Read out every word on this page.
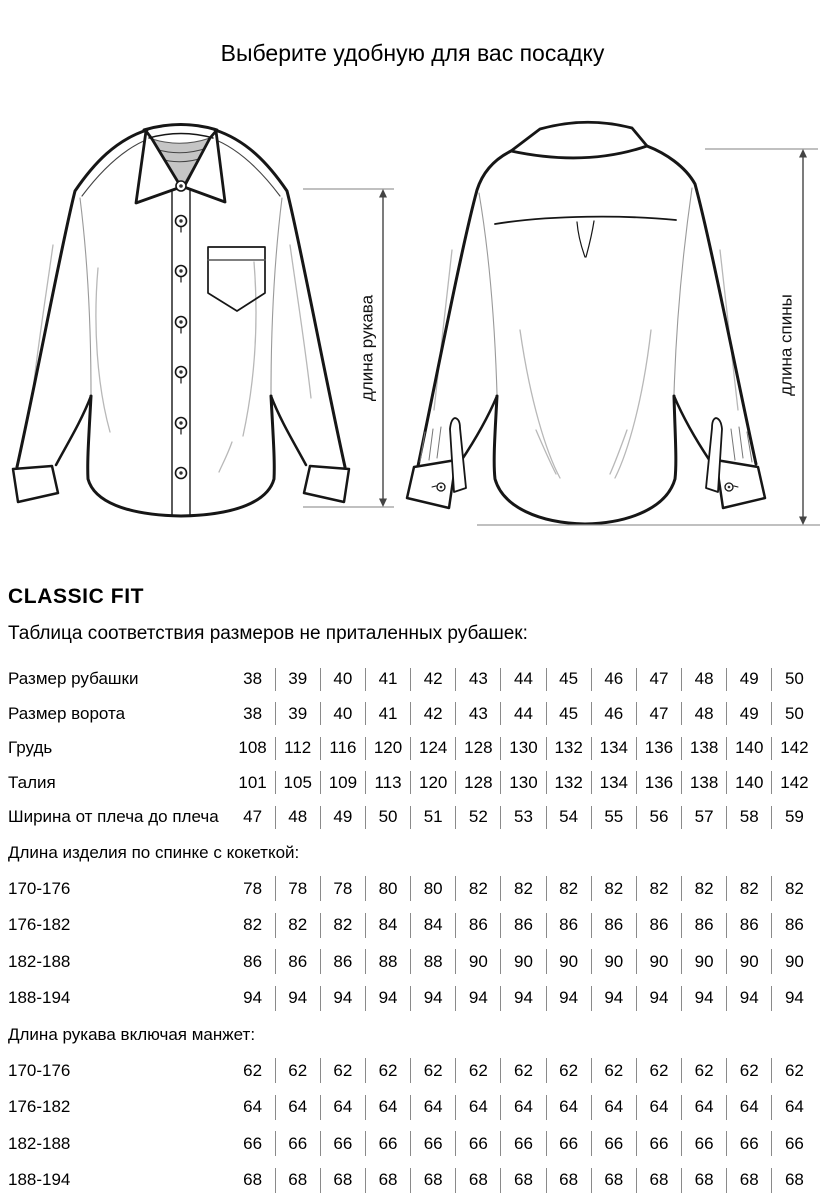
длина рукава	длина спины
Выберите удобную для вас посадку
CLASSIC FIT
Таблица соответствия размеров не приталенных рубашек:
Размер рубашки	38	39	40	41	42	43	44	45	46	47	48	49	50
Размер ворота	38	39	40	41	42	43	44	45	46	47	48	49	50
Грудь	108	112	116	120 124 128 130 132 134 136 138 140 142
Талия	101 105 109	113	120 128 130 132 134 136 138 140 142
Ширина от плеча до плеча	47	48	49	50	51	52	53	54	55	56	57	58	59
Длина изделия по спинке с кокеткой:
170-176	78	78	78	80	80	82	82	82	82	82	82	82	82
176-182	82	82	82	84	84	86	86	86	86	86	86	86	86
182-188	86	86	86	88	88	90	90	90	90	90	90	90	90
188-194	94	94	94	94	94	94	94	94	94	94	94	94	94
Длина рукава включая манжет:
170-176	62	62	62	62	62	62	62	62	62	62	62	62	62
176-182	64	64	64	64	64	64	64	64	64	64	64	64	64
182-188	66	66	66	66	66	66	66	66	66	66	66	66	66
188-194	68	68	68	68	68	68	68	68	68	68	68	68	68
